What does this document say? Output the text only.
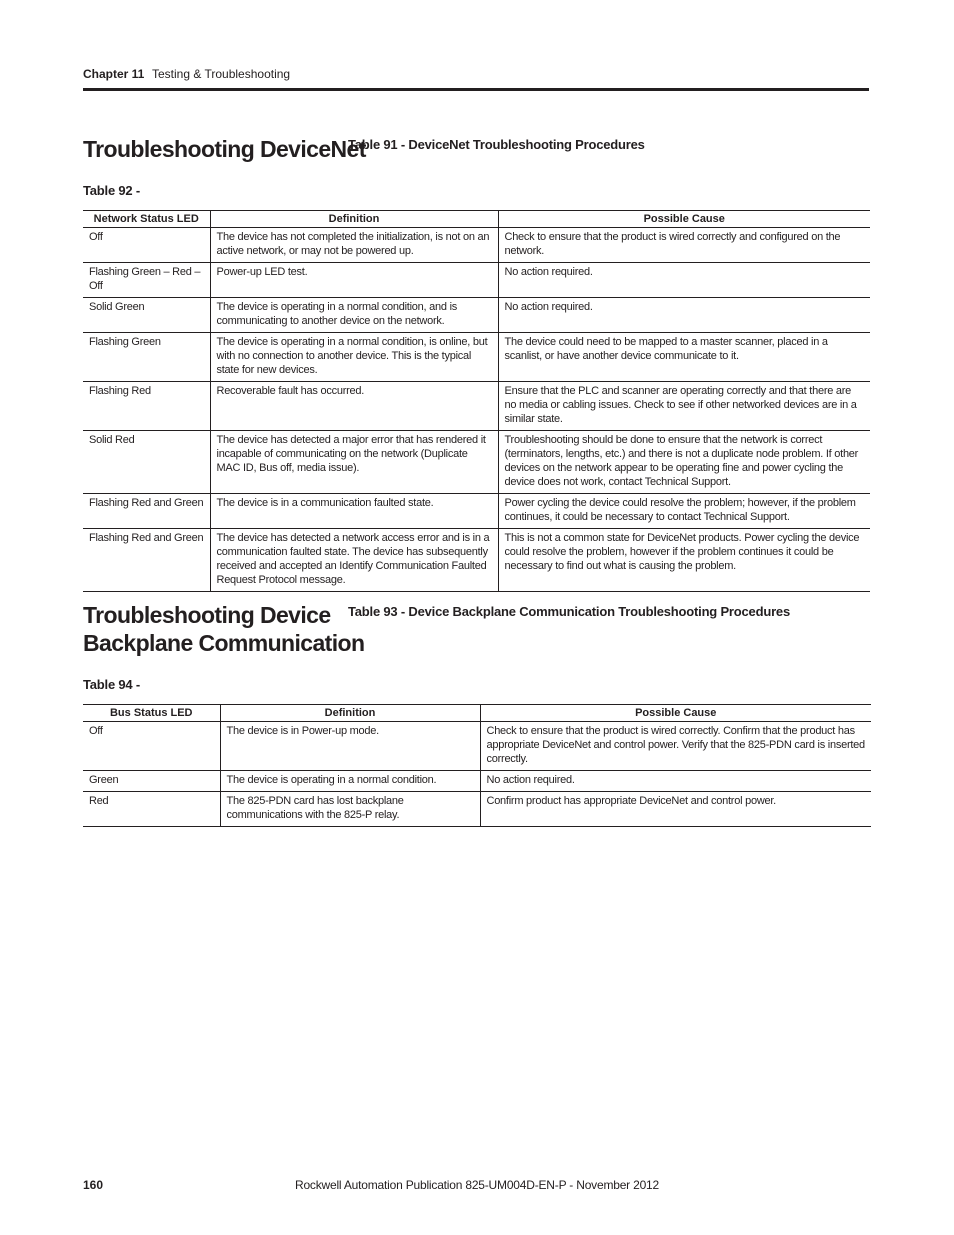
Chapter 11 Testing & Troubleshooting
Troubleshooting DeviceNet
Table 91 - DeviceNet Troubleshooting Procedures
Table 92 -
Network Status LED	Definition	Possible Cause
Off	The device has not completed the initialization, is not on an active network, or may not be powered up.	Check to ensure that the product is wired correctly and configured on the network.
Flashing Green – Red – Off	Power-up LED test.	No action required.
Solid Green	The device is operating in a normal condition, and is communicating to another device on the network.	No action required.
Flashing Green	The device is operating in a normal condition, is online, but with no connection to another device. This is the typical state for new devices.	The device could need to be mapped to a master scanner, placed in a scanlist, or have another device communicate to it.
Flashing Red	Recoverable fault has occurred.	Ensure that the PLC and scanner are operating correctly and that there are no media or cabling issues. Check to see if other networked devices are in a similar state.
Solid Red	The device has detected a major error that has rendered it incapable of communicating on the network (Duplicate MAC ID, Bus off, media issue).	Troubleshooting should be done to ensure that the network is correct (terminators, lengths, etc.) and there is not a duplicate node problem. If other devices on the network appear to be operating fine and power cycling the device does not work, contact Technical Support.
Flashing Red and Green	The device is in a communication faulted state.	Power cycling the device could resolve the problem; however, if the problem continues, it could be necessary to contact Technical Support.
Flashing Red and Green	The device has detected a network access error and is in a communication faulted state. The device has subsequently received and accepted an Identify Communication Faulted Request Protocol message.	This is not a common state for DeviceNet products. Power cycling the device could resolve the problem, however if the problem continues it could be necessary to find out what is causing the problem.
Troubleshooting Device
Backplane Communication
Table 93 - Device Backplane Communication Troubleshooting Procedures
Table 94 -
Bus Status LED	Definition	Possible Cause
Off	The device is in Power-up mode.	Check to ensure that the product is wired correctly. Confirm that the product has appropriate DeviceNet and control power. Verify that the 825-PDN card is inserted correctly.
Green	The device is operating in a normal condition.	No action required.
Red	The 825-PDN card has lost backplane communications with the 825-P relay.	Confirm product has appropriate DeviceNet and control power.
160	Rockwell Automation Publication 825-UM004D-EN-P - November 2012
